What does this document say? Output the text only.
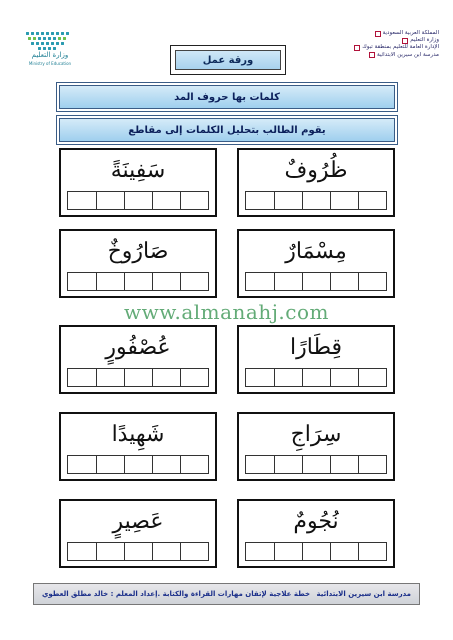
وزارة التعليم
Ministry of Education
المملكة العربية السعودية
وزارة التعليم
الإدارة العامة للتعليم بمنطقة تبوك
مدرسة ابن سيرين الابتدائية
ورقة عمل
كلمات بها حروف المد
يقوم الطالب بتحليل الكلمات إلى مقاطع
www.almanahj.com
ظُرُوفٌ
سَفِينَةً
مِسْمَارٌ
صَارُوخٌ
قِطَارًا
عُصْفُورٍ
سِرَاجِ
شَهِيدًا
نُجُومٌ
عَصِيرٍ
مدرسة ابن سيرين الابتدائية
خطة علاجية لإتقان مهارات القراءة والكتابة .إعداد المعلم : خالد مطلق العطوي
